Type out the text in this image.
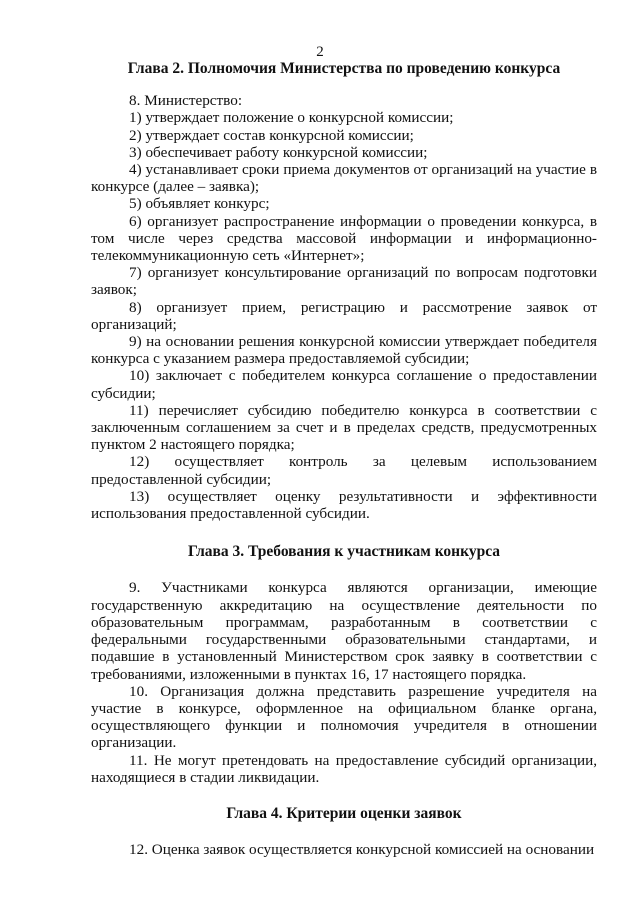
2
Глава 2. Полномочия Министерства по проведению конкурса

8. Министерство:

1) утверждает положение о конкурсной комиссии;

2) утверждает состав конкурсной комиссии;

3) обеспечивает работу конкурсной комиссии;

4) устанавливает сроки приема документов от организаций на участие в конкурсе (далее – заявка);

5) объявляет конкурс;

6) организует распространение информации о проведении конкурса, в том числе через средства массовой информации и информационно-телекоммуникационную сеть «Интернет»;

7) организует консультирование организаций по вопросам подготовки заявок;

8) организует прием, регистрацию и рассмотрение заявок от организаций;

9) на основании решения конкурсной комиссии утверждает победителя конкурса с указанием размера предоставляемой субсидии;

10) заключает с победителем конкурса соглашение о предоставлении субсидии;

11) перечисляет субсидию победителю конкурса в соответствии с заключенным соглашением за счет и в пределах средств, предусмотренных пунктом 2 настоящего порядка;

12) осуществляет контроль за целевым использованием предоставленной субсидии;

13) осуществляет оценку результативности и эффективности использования предоставленной субсидии.

Глава 3. Требования к участникам конкурса

9. Участниками конкурса являются организации, имеющие государственную аккредитацию на осуществление деятельности по образовательным программам, разработанным в соответствии с федеральными государственными образовательными стандартами, и подавшие в установленный Министерством срок заявку в соответствии с требованиями, изложенными в пунктах 16, 17 настоящего порядка.

10. Организация должна представить разрешение учредителя на участие в конкурсе, оформленное на официальном бланке органа, осуществляющего функции и полномочия учредителя в отношении организации.

11. Не могут претендовать на предоставление субсидий организации, находящиеся в стадии ликвидации.

Глава 4. Критерии оценки заявок

12. Оценка заявок осуществляется конкурсной комиссией на основании
